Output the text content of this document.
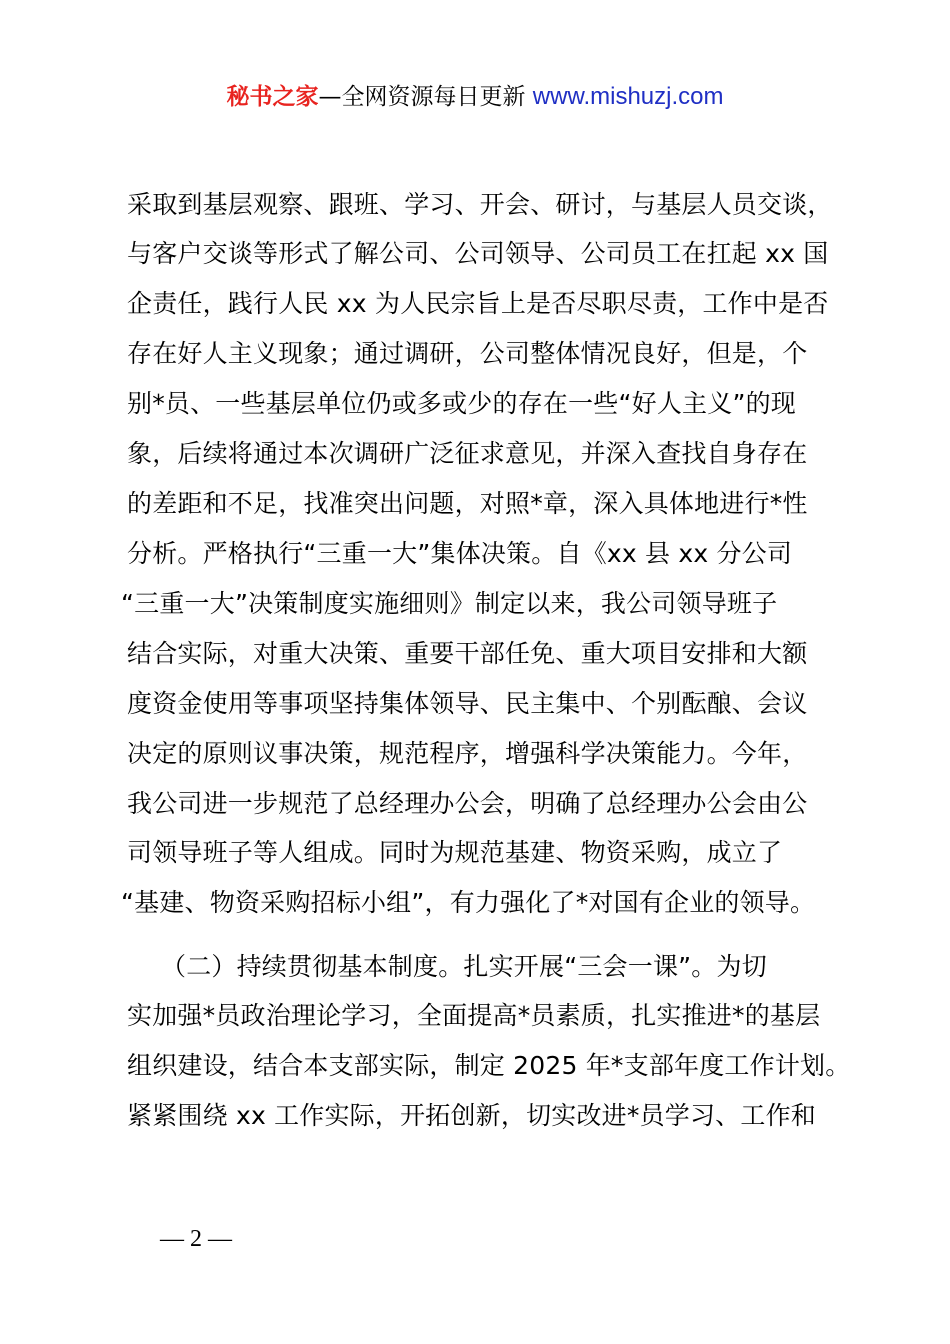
秘书之家—全网资源每日更新 www.mishuzj.com
采取到基层观察、跟班、学习、开会、研讨，与基层人员交谈，
与客户交谈等形式了解公司、公司领导、公司员工在扛起 xx 国
企责任，践行人民 xx 为人民宗旨上是否尽职尽责，工作中是否
存在好人主义现象；通过调研，公司整体情况良好，但是，个
别*员、一些基层单位仍或多或少的存在一些“好人主义”的现
象，后续将通过本次调研广泛征求意见，并深入查找自身存在
的差距和不足，找准突出问题，对照*章，深入具体地进行*性
分析。严格执行“三重一大”集体决策。自《xx 县 xx 分公司
“三重一大”决策制度实施细则》制定以来，我公司领导班子
结合实际，对重大决策、重要干部任免、重大项目安排和大额
度资金使用等事项坚持集体领导、民主集中、个别酝酿、会议
决定的原则议事决策，规范程序，增强科学决策能力。今年，
我公司进一步规范了总经理办公会，明确了总经理办公会由公
司领导班子等人组成。同时为规范基建、物资采购，成立了
“基建、物资采购招标小组”，有力强化了*对国有企业的领导。
（二）持续贯彻基本制度。扎实开展“三会一课”。为切
实加强*员政治理论学习，全面提高*员素质，扎实推进*的基层
组织建设，结合本支部实际，制定 2025 年*支部年度工作计划。
紧紧围绕 xx 工作实际，开拓创新，切实改进*员学习、工作和
— 2 —
